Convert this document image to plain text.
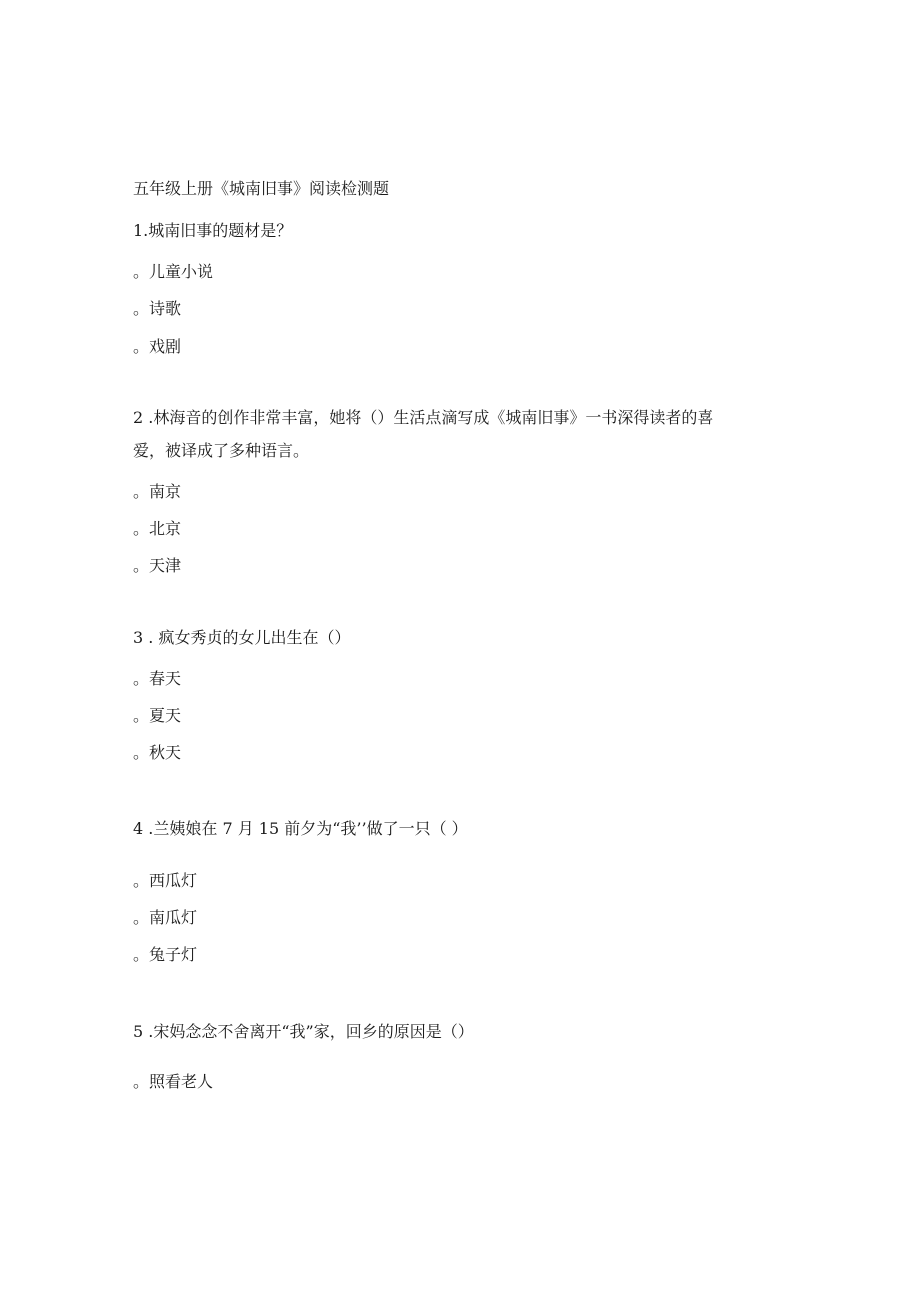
五年级上册《城南旧事》阅读检测题
1.城南旧事的题材是？
。儿童小说
。诗歌
。戏剧
2 .林海音的创作非常丰富，她将（）生活点滴写成《城南旧事》一书深得读者的喜
爱，被译成了多种语言。
。南京
。北京
。天津
3 . 疯女秀贞的女儿出生在（）
。春天
。夏天
。秋天
4 .兰姨娘在 7 月 15 前夕为“我’’做了一只（ ）
。西瓜灯
。南瓜灯
。兔子灯
5 .宋妈念念不舍离开“我”家，回乡的原因是（）
。照看老人
